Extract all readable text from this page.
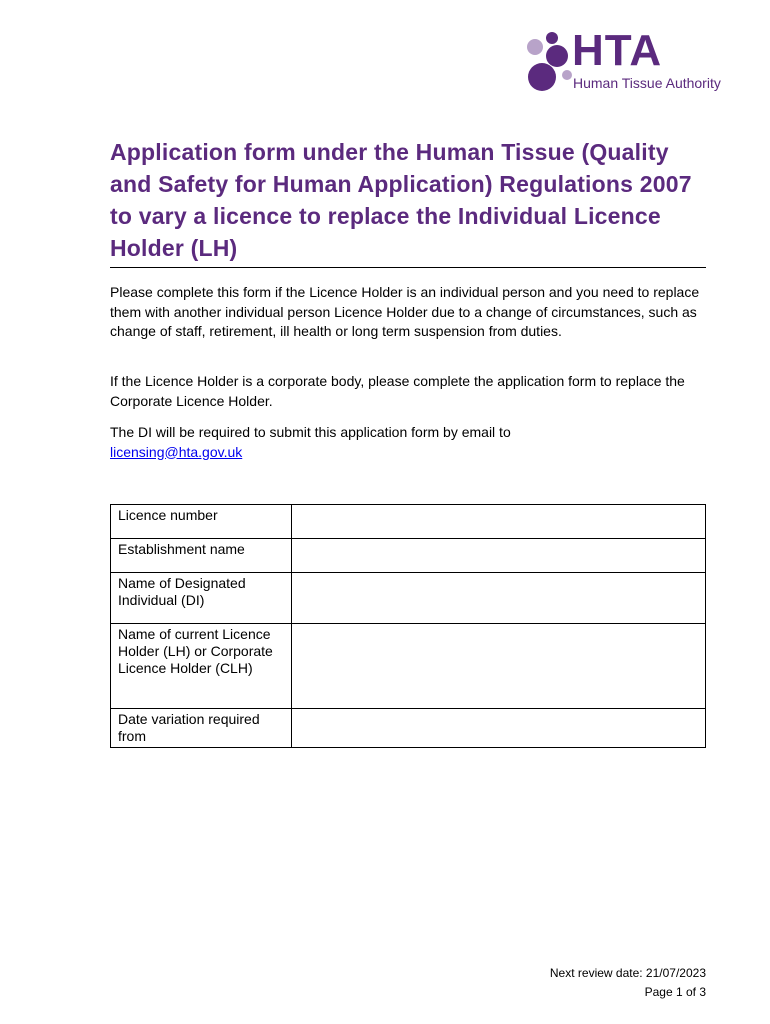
HTA
Human Tissue Authority
Application form under the Human Tissue (Quality and Safety for Human Application) Regulations 2007 to vary a licence to replace the Individual Licence Holder (LH)

Please complete this form if the Licence Holder is an individual person and you need to replace them with another individual person Licence Holder due to a change of circumstances, such as change of staff, retirement, ill health or long term suspension from duties.

If the Licence Holder is a corporate body, please complete the application form to replace the Corporate Licence Holder.

The DI will be required to submit this application form by email to
licensing@hta.gov.uk

Licence number	
Establishment name	
Name of Designated Individual (DI)	
Name of current Licence Holder (LH) or Corporate Licence Holder (CLH)	
Date variation required from	
Next review date: 21/07/2023
Page 1 of 3
